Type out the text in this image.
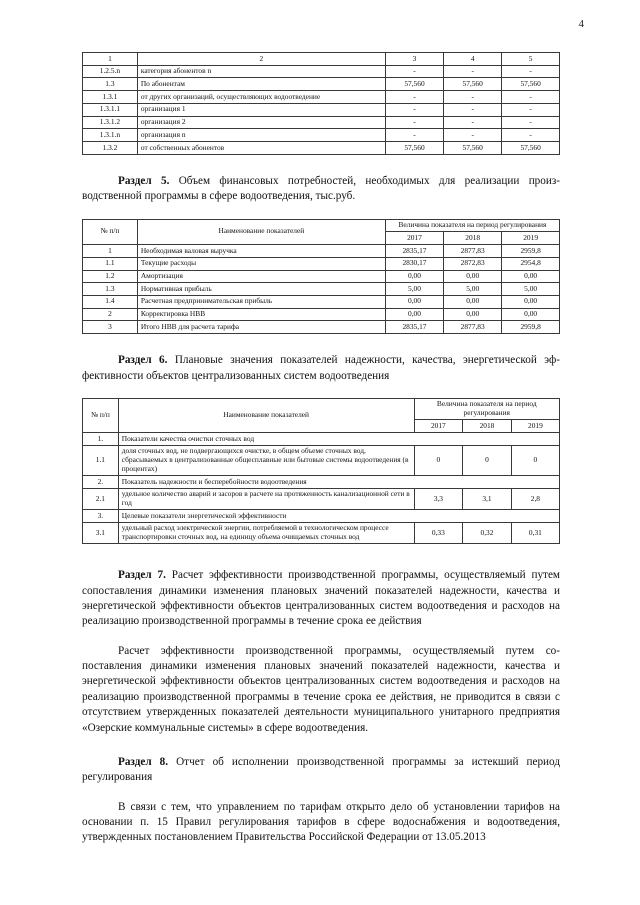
4
1	2	3	4	5
1.2.5.n	категория абонентов n	-	-	-
1.3	По абонентам	57,560	57,560	57,560
1.3.1	от других организаций, осуществляющих водоотведение	-	-	-
1.3.1.1	организация 1	-	-	-
1.3.1.2	организация 2	-	-	-
1.3.1.n	организация n	-	-	-
1.3.2	от собственных абонентов	57,560	57,560	57,560

Раздел 5. Объем финансовых потребностей, необходимых для реализации производственной программы в сфере водоотведения, тыс.руб.

№ п/п	Наименование показателей	Величина показателя на период регулирования		
		2017	2018	2019
1	Необходимая валовая выручка	2835,17	2877,83	2959,8
1.1	Текущие расходы	2830,17	2872,83	2954,8
1.2	Амортизация	0,00	0,00	0,00
1.3	Нормативная прибыль	5,00	5,00	5,00
1.4	Расчетная предпринимательская прибыль	0,00	0,00	0,00
2	Корректировка НВВ	0,00	0,00	0,00
3	Итого НВВ для расчета тарифа	2835,17	2877,83	2959,8

Раздел 6. Плановые значения показателей надежности, качества, энергетической эффективности объектов централизованных систем водоотведения

№ п/п	Наименование показателей	Величина показателя на период регулирования		
		2017	2018	2019
1.	Показатели качества очистки сточных вод			
1.1	доля сточных вод, не подвергающихся очистке, в общем объеме сточных вод, сбрасываемых в централизованные общесплавные или бытовые системы водоотведения (в процентах)	0	0	0
2.	Показатель надежности и бесперебойности водоотведения			
2.1	удельное количество аварий и засоров в расчете на протяженность канализационной сети в год	3,3	3,1	2,8
3.	Целевые показатели энергетической эффективности			
3.1	удельный расход электрической энергии, потребляемой в технологическом процессе транспортировки сточных вод, на единицу объема очищаемых сточных вод	0,33	0,32	0,31

Раздел 7. Расчет эффективности производственной программы, осуществляемый путем сопоставления динамики изменения плановых значений показателей надежности, качества и энергетической эффективности объектов централизованных систем водоотведения и расходов на реализацию производственной программы в течение срока ее действия

Расчет эффективности производственной программы, осуществляемый путем сопоставления динамики изменения плановых значений показателей надежности, качества и энергетической эффективности объектов централизованных систем водоотведения и расходов на реализацию производственной программы в течение срока ее действия, не приводится в связи с отсутствием утвержденных показателей деятельности муниципального унитарного предприятия «Озерские коммунальные системы» в сфере водоотведения.

Раздел 8. Отчет об исполнении производственной программы за истекший период регулирования

В связи с тем, что управлением по тарифам открыто дело об установлении тарифов на основании п. 15 Правил регулирования тарифов в сфере водоснабжения и водоотведения, утвержденных постановлением Правительства Российской Федерации от 13.05.2013
